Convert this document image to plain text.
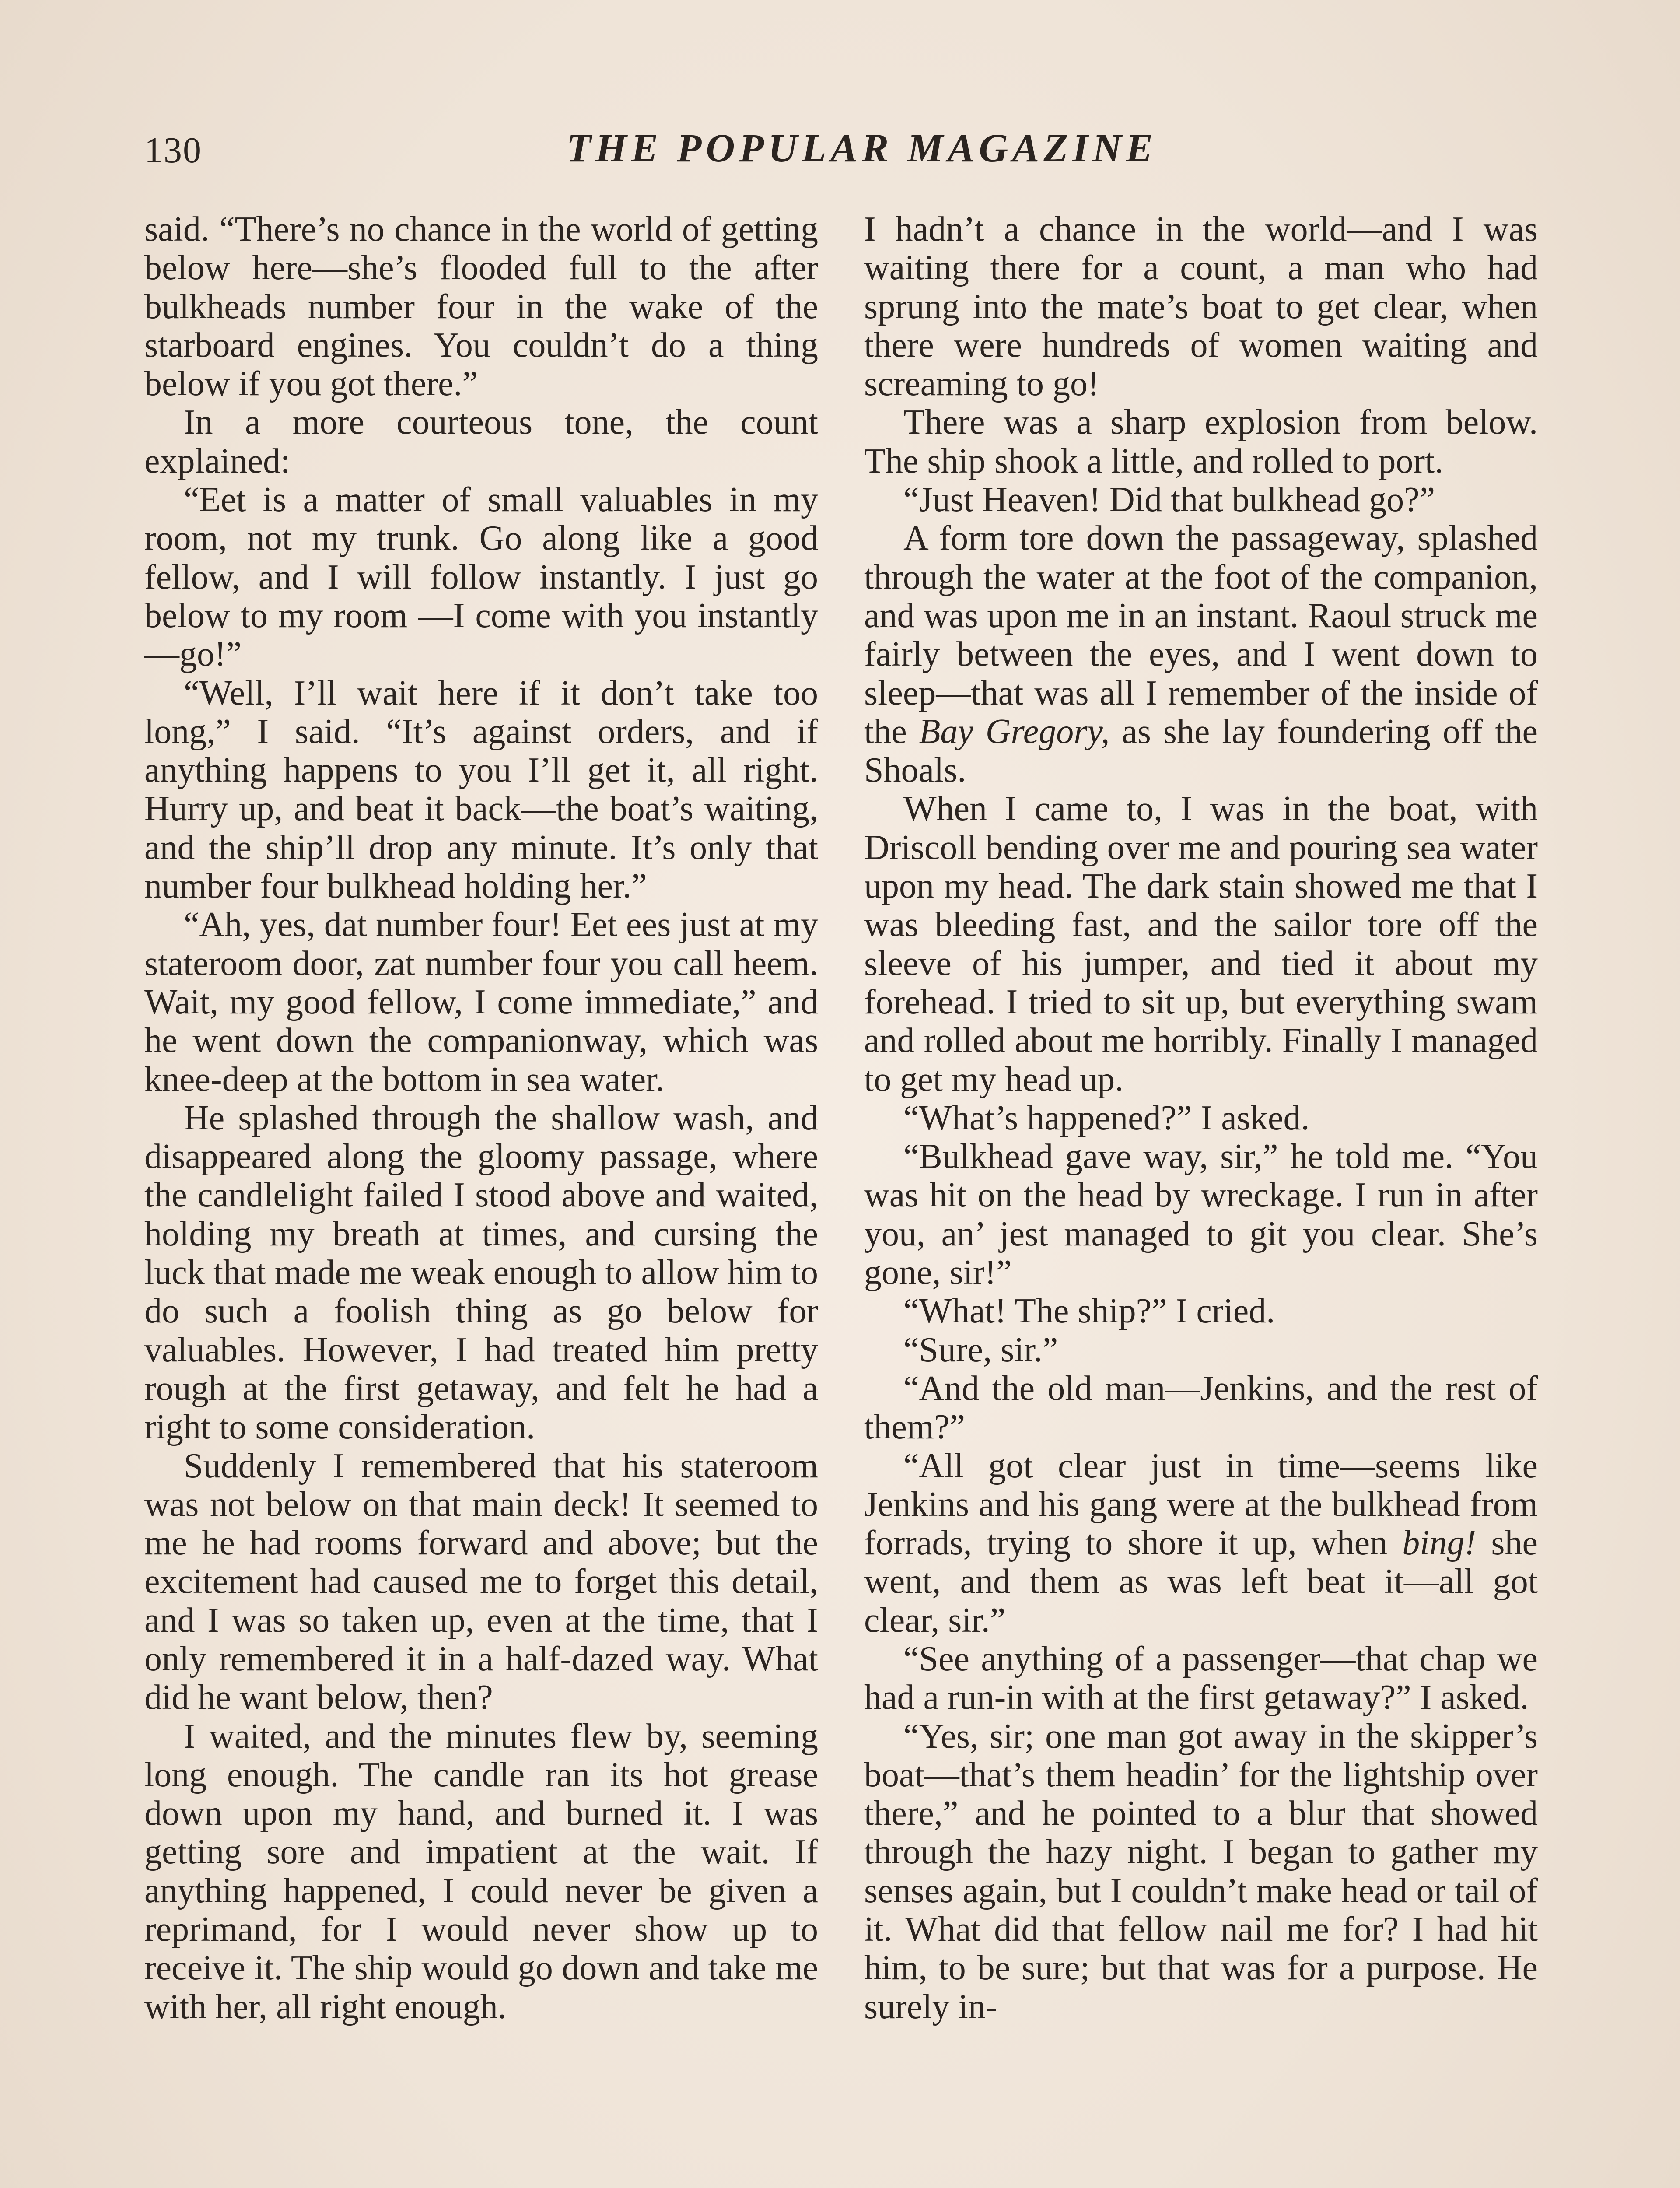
130	THE POPULAR MAGAZINE

said. “There’s no chance in the world of getting below here—she’s flooded full to the after bulkheads number four in the wake of the starboard engines. You couldn’t do a thing below if you got there.”

In a more courteous tone, the count explained:

“Eet is a matter of small valuables in my room, not my trunk. Go along like a good fellow, and I will follow instantly. I just go below to my room —I come with you instantly—go!”

“Well, I’ll wait here if it don’t take too long,” I said. “It’s against orders, and if anything happens to you I’ll get it, all right. Hurry up, and beat it back—the boat’s waiting, and the ship’ll drop any minute. It’s only that number four bulkhead holding her.”

“Ah, yes, dat number four! Eet ees just at my stateroom door, zat number four you call heem. Wait, my good fellow, I come immediate,” and he went down the companionway, which was knee-deep at the bottom in sea water.

He splashed through the shallow wash, and disappeared along the gloomy passage, where the candlelight failed I stood above and waited, holding my breath at times, and cursing the luck that made me weak enough to allow him to do such a foolish thing as go below for valuables. However, I had treated him pretty rough at the first getaway, and felt he had a right to some consideration.

Suddenly I remembered that his stateroom was not below on that main deck! It seemed to me he had rooms forward and above; but the excitement had caused me to forget this detail, and I was so taken up, even at the time, that I only remembered it in a half-dazed way. What did he want below, then?

I waited, and the minutes flew by, seeming long enough. The candle ran its hot grease down upon my hand, and burned it. I was getting sore and impatient at the wait. If anything happened, I could never be given a reprimand, for I would never show up to receive it. The ship would go down and take me with her, all right enough.

I hadn’t a chance in the world—and I was waiting there for a count, a man who had sprung into the mate’s boat to get clear, when there were hundreds of women waiting and screaming to go!

There was a sharp explosion from below. The ship shook a little, and rolled to port.

“Just Heaven! Did that bulkhead go?”

A form tore down the passageway, splashed through the water at the foot of the companion, and was upon me in an instant. Raoul struck me fairly between the eyes, and I went down to sleep—that was all I remember of the inside of the Bay Gregory, as she lay foundering off the Shoals.

When I came to, I was in the boat, with Driscoll bending over me and pouring sea water upon my head. The dark stain showed me that I was bleeding fast, and the sailor tore off the sleeve of his jumper, and tied it about my forehead. I tried to sit up, but everything swam and rolled about me horribly. Finally I managed to get my head up.

“What’s happened?” I asked.

“Bulkhead gave way, sir,” he told me. “You was hit on the head by wreckage. I run in after you, an’ jest managed to git you clear. She’s gone, sir!”

“What! The ship?” I cried.

“Sure, sir.”

“And the old man—Jenkins, and the rest of them?”

“All got clear just in time—seems like Jenkins and his gang were at the bulkhead from forrads, trying to shore it up, when bing! she went, and them as was left beat it—all got clear, sir.”

“See anything of a passenger—that chap we had a run-in with at the first getaway?” I asked.

“Yes, sir; one man got away in the skipper’s boat—that’s them headin’ for the lightship over there,” and he pointed to a blur that showed through the hazy night. I began to gather my senses again, but I couldn’t make head or tail of it. What did that fellow nail me for? I had hit him, to be sure; but that was for a purpose. He surely in-
